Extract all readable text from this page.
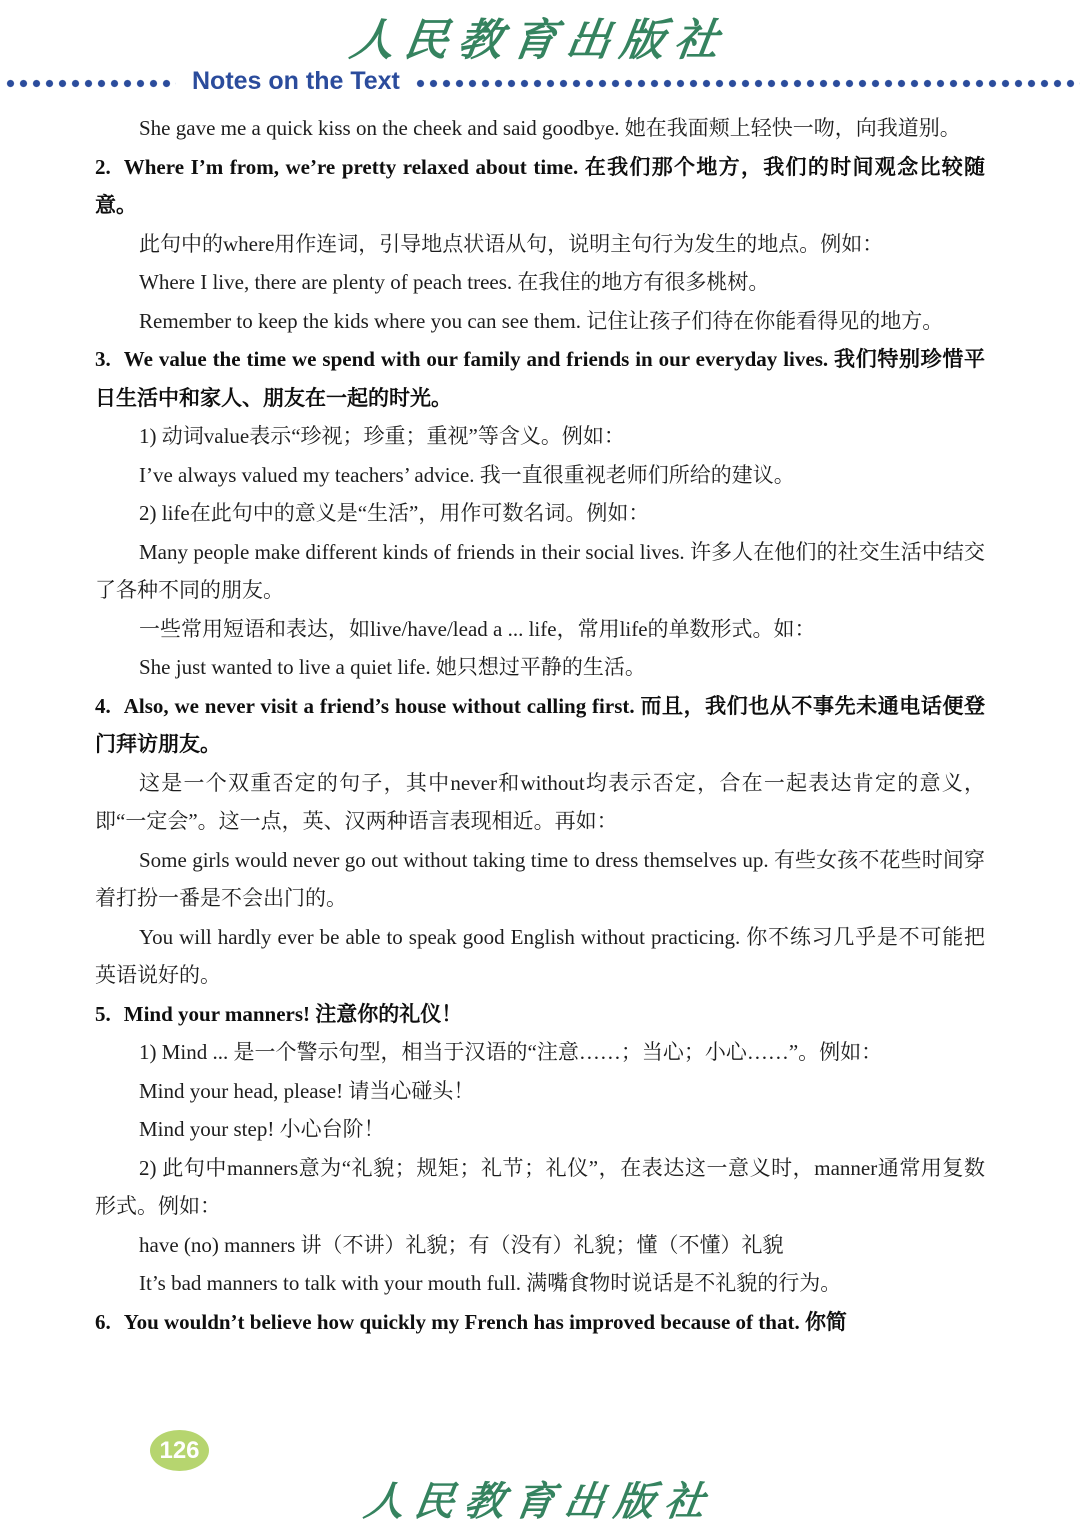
人民教育出版社
Notes on the Text

She gave me a quick kiss on the cheek and said goodbye. 她在我面颊上轻快一吻，向我道别。

2. Where I’m from, we’re pretty relaxed about time. 在我们那个地方，我们的时间观念比较随意。

此句中的where用作连词，引导地点状语从句，说明主句行为发生的地点。例如：

Where I live, there are plenty of peach trees. 在我住的地方有很多桃树。

Remember to keep the kids where you can see them. 记住让孩子们待在你能看得见的地方。

3. We value the time we spend with our family and friends in our everyday lives. 我们特别珍惜平日生活中和家人、朋友在一起的时光。

1) 动词value表示“珍视；珍重；重视”等含义。例如：

I’ve always valued my teachers’ advice. 我一直很重视老师们所给的建议。

2) life在此句中的意义是“生活”，用作可数名词。例如：

Many people make different kinds of friends in their social lives. 许多人在他们的社交生活中结交了各种不同的朋友。

一些常用短语和表达，如live/have/lead a ... life，常用life的单数形式。如：

She just wanted to live a quiet life. 她只想过平静的生活。

4. Also, we never visit a friend’s house without calling first. 而且，我们也从不事先未通电话便登门拜访朋友。

这是一个双重否定的句子，其中never和without均表示否定，合在一起表达肯定的意义，即“一定会”。这一点，英、汉两种语言表现相近。再如：

Some girls would never go out without taking time to dress themselves up. 有些女孩不花些时间穿着打扮一番是不会出门的。

You will hardly ever be able to speak good English without practicing. 你不练习几乎是不可能把英语说好的。

5. Mind your manners! 注意你的礼仪！

1) Mind ... 是一个警示句型，相当于汉语的“注意……；当心；小心……”。例如：

Mind your head, please! 请当心碰头！

Mind your step! 小心台阶！

2) 此句中manners意为“礼貌；规矩；礼节；礼仪”，在表达这一意义时，manner通常用复数形式。例如：

have (no) manners 讲（不讲）礼貌；有（没有）礼貌；懂（不懂）礼貌

It’s bad manners to talk with your mouth full. 满嘴食物时说话是不礼貌的行为。

6. You wouldn’t believe how quickly my French has improved because of that. 你简

126
人民教育出版社
